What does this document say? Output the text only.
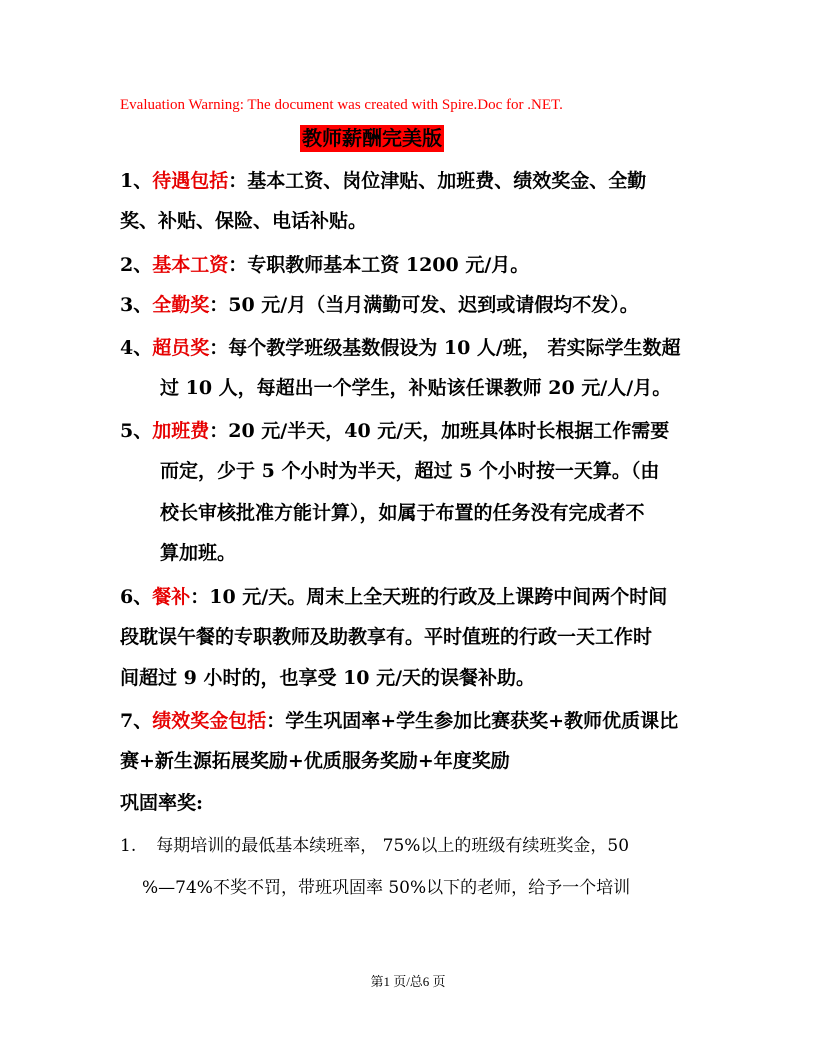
Evaluation Warning: The document was created with Spire.Doc for .NET.
教师薪酬完美版
1、待遇包括：基本工资、岗位津贴、加班费、绩效奖金、全勤
奖、补贴、保险、电话补贴。
2、基本工资：专职教师基本工资 1200 元/月。
3、全勤奖：50 元/月（当月满勤可发、迟到或请假均不发）。
4、超员奖：每个教学班级基数假设为 10 人/班， 若实际学生数超
过 10 人，每超出一个学生，补贴该任课教师 20 元/人/月。
5、加班费：20 元/半天，40 元/天，加班具体时长根据工作需要
而定，少于 5 个小时为半天，超过 5 个小时按一天算。（由
校长审核批准方能计算），如属于布置的任务没有完成者不
算加班。
6、餐补：10 元/天。周末上全天班的行政及上课跨中间两个时间
段耽误午餐的专职教师及助教享有。平时值班的行政一天工作时
间超过 9 小时的，也享受 10 元/天的误餐补助。
7、绩效奖金包括：学生巩固率+学生参加比赛获奖+教师优质课比
赛+新生源拓展奖励+优质服务奖励+年度奖励
巩固率奖:
1. 每期培训的最低基本续班率， 75%以上的班级有续班奖金，50
%—74%不奖不罚，带班巩固率 50%以下的老师，给予一个培训
第1 页/总6 页
